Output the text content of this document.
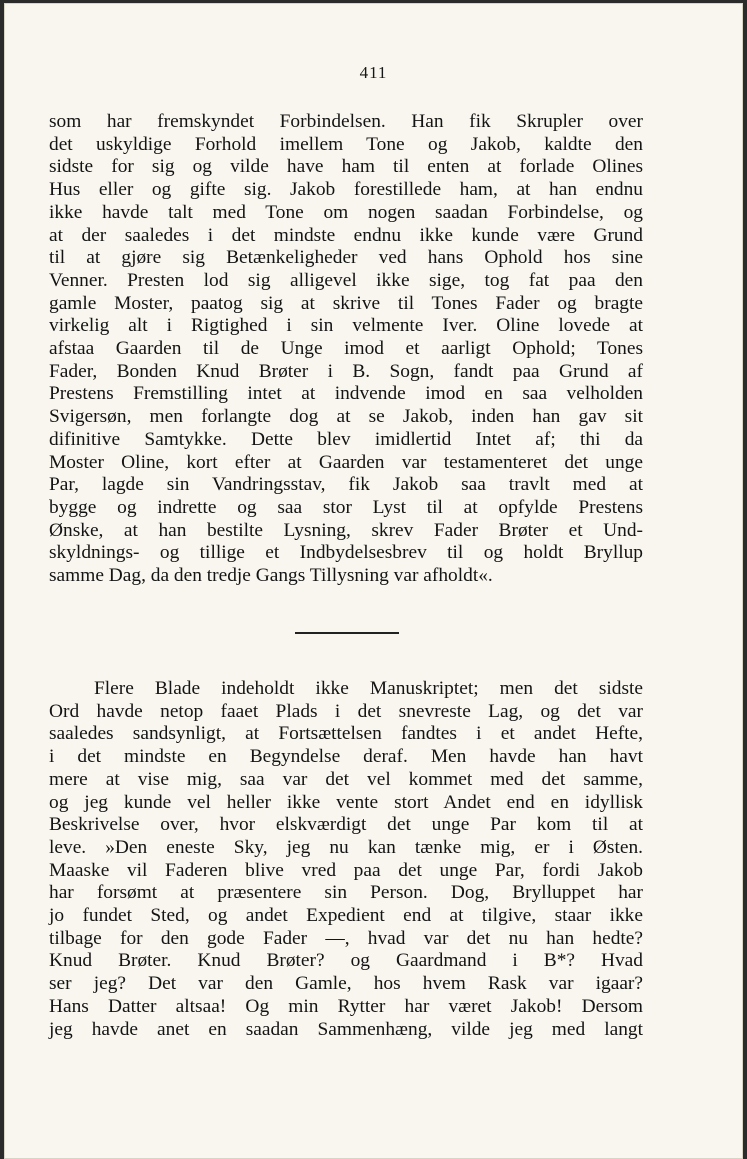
411

som har fremskyndet Forbindelsen. Han fik Skrupler over
det uskyldige Forhold imellem Tone og Jakob, kaldte den
sidste for sig og vilde have ham til enten at forlade Olines
Hus eller og gifte sig. Jakob forestillede ham, at han endnu
ikke havde talt med Tone om nogen saadan Forbindelse, og
at der saaledes i det mindste endnu ikke kunde være Grund
til at gjøre sig Betænkeligheder ved hans Ophold hos sine
Venner. Presten lod sig alligevel ikke sige, tog fat paa den
gamle Moster, paatog sig at skrive til Tones Fader og bragte
virkelig alt i Rigtighed i sin velmente Iver. Oline lovede at
afstaa Gaarden til de Unge imod et aarligt Ophold; Tones
Fader, Bonden Knud Brøter i B. Sogn, fandt paa Grund af
Prestens Fremstilling intet at indvende imod en saa velholden
Svigersøn, men forlangte dog at se Jakob, inden han gav sit
difinitive Samtykke. Dette blev imidlertid Intet af; thi da
Moster Oline, kort efter at Gaarden var testamenteret det unge
Par, lagde sin Vandringsstav, fik Jakob saa travlt med at
bygge og indrette og saa stor Lyst til at opfylde Prestens
Ønske, at han bestilte Lysning, skrev Fader Brøter et Und-
skyldnings- og tillige et Indbydelsesbrev til og holdt Bryllup
samme Dag, da den tredje Gangs Tillysning var afholdt«.

Flere Blade indeholdt ikke Manuskriptet; men det sidste
Ord havde netop faaet Plads i det snevreste Lag, og det var
saaledes sandsynligt, at Fortsættelsen fandtes i et andet Hefte,
i det mindste en Begyndelse deraf. Men havde han havt
mere at vise mig, saa var det vel kommet med det samme,
og jeg kunde vel heller ikke vente stort Andet end en idyllisk
Beskrivelse over, hvor elskværdigt det unge Par kom til at
leve. »Den eneste Sky, jeg nu kan tænke mig, er i Østen.
Maaske vil Faderen blive vred paa det unge Par, fordi Jakob
har forsømt at præsentere sin Person. Dog, Brylluppet har
jo fundet Sted, og andet Expedient end at tilgive, staar ikke
tilbage for den gode Fader —, hvad var det nu han hedte?
Knud Brøter. Knud Brøter? og Gaardmand i B*? Hvad
ser jeg? Det var den Gamle, hos hvem Rask var igaar?
Hans Datter altsaa! Og min Rytter har været Jakob! Dersom
jeg havde anet en saadan Sammenhæng, vilde jeg med langt
